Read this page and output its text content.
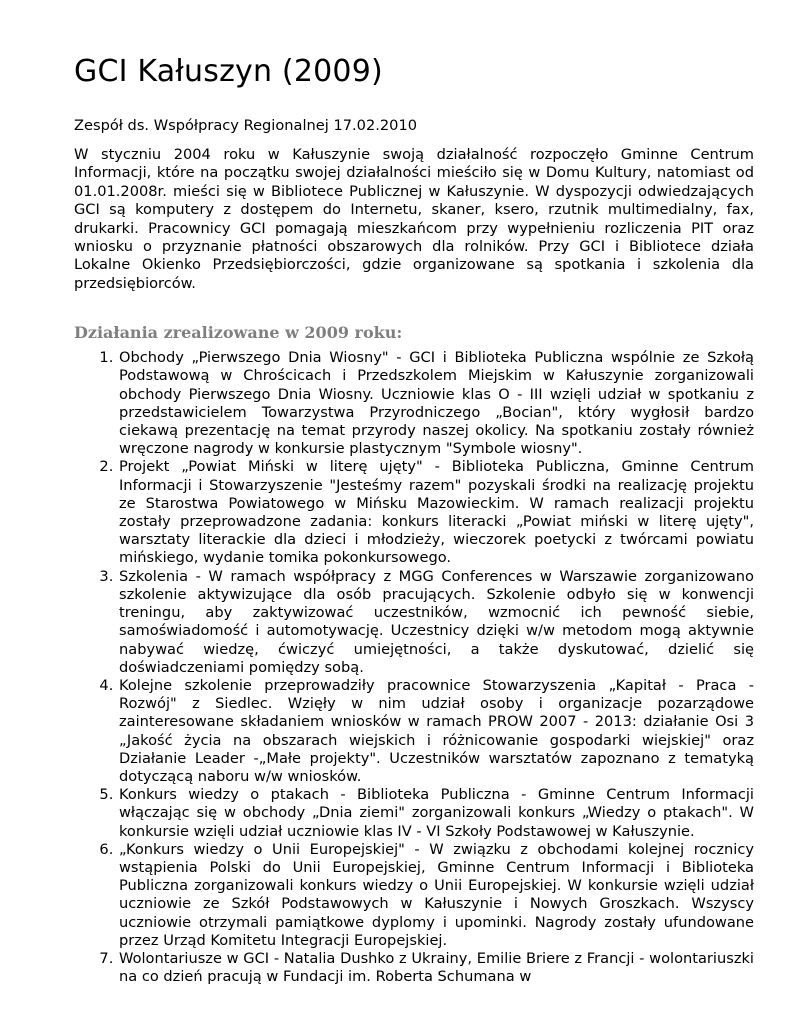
GCI Kałuszyn (2009)

Zespół ds. Współpracy Regionalnej 17.02.2010

W styczniu 2004 roku w Kałuszynie swoją działalność rozpoczęło Gminne Centrum Informacji, które na początku swojej działalności mieściło się w Domu Kultury, natomiast od 01.01.2008r. mieści się w Bibliotece Publicznej w Kałuszynie. W dyspozycji odwiedzających GCI są komputery z dostępem do Internetu, skaner, ksero, rzutnik multimedialny, fax, drukarki. Pracownicy GCI pomagają mieszkańcom przy wypełnieniu rozliczenia PIT oraz wniosku o przyznanie płatności obszarowych dla rolników. Przy GCI i Bibliotece działa Lokalne Okienko Przedsiębiorczości, gdzie organizowane są spotkania i szkolenia dla przedsiębiorców.

Działania zrealizowane w 2009 roku:
1. Obchody „Pierwszego Dnia Wiosny" - GCI i Biblioteka Publiczna wspólnie ze Szkołą Podstawową w Chrościcach i Przedszkolem Miejskim w Kałuszynie zorganizowali obchody Pierwszego Dnia Wiosny. Uczniowie klas O - III wzięli udział w spotkaniu z przedstawicielem Towarzystwa Przyrodniczego „Bocian", który wygłosił bardzo ciekawą prezentację na temat przyrody naszej okolicy. Na spotkaniu zostały również wręczone nagrody w konkursie plastycznym "Symbole wiosny".
2. Projekt „Powiat Miński w literę ujęty" - Biblioteka Publiczna, Gminne Centrum Informacji i Stowarzyszenie "Jesteśmy razem" pozyskali środki na realizację projektu ze Starostwa Powiatowego w Mińsku Mazowieckim. W ramach realizacji projektu zostały przeprowadzone zadania: konkurs literacki „Powiat miński w literę ujęty", warsztaty literackie dla dzieci i młodzieży, wieczorek poetycki z twórcami powiatu mińskiego, wydanie tomika pokonkursowego.
3. Szkolenia - W ramach współpracy z MGG Conferences w Warszawie zorganizowano szkolenie aktywizujące dla osób pracujących. Szkolenie odbyło się w konwencji treningu, aby zaktywizować uczestników, wzmocnić ich pewność siebie, samoświadomość i automotywację. Uczestnicy dzięki w/w metodom mogą aktywnie nabywać wiedzę, ćwiczyć umiejętności, a także dyskutować, dzielić się doświadczeniami pomiędzy sobą.
4. Kolejne szkolenie przeprowadziły pracownice Stowarzyszenia „Kapitał - Praca - Rozwój" z Siedlec. Wzięły w nim udział osoby i organizacje pozarządowe zainteresowane składaniem wniosków w ramach PROW 2007 - 2013: działanie Osi 3 „Jakość życia na obszarach wiejskich i różnicowanie gospodarki wiejskiej" oraz Działanie Leader -„Małe projekty". Uczestników warsztatów zapoznano z tematyką dotyczącą naboru w/w wniosków.
5. Konkurs wiedzy o ptakach - Biblioteka Publiczna - Gminne Centrum Informacji włączając się w obchody „Dnia ziemi" zorganizowali konkurs „Wiedzy o ptakach". W konkursie wzięli udział uczniowie klas IV - VI Szkoły Podstawowej w Kałuszynie.
6. „Konkurs wiedzy o Unii Europejskiej" - W związku z obchodami kolejnej rocznicy wstąpienia Polski do Unii Europejskiej, Gminne Centrum Informacji i Biblioteka Publiczna zorganizowali konkurs wiedzy o Unii Europejskiej. W konkursie wzięli udział uczniowie ze Szkół Podstawowych w Kałuszynie i Nowych Groszkach. Wszyscy uczniowie otrzymali pamiątkowe dyplomy i upominki. Nagrody zostały ufundowane przez Urząd Komitetu Integracji Europejskiej.
7. Wolontariusze w GCI - Natalia Dushko z Ukrainy, Emilie Briere z Francji - wolontariuszki na co dzień pracują w Fundacji im. Roberta Schumana w
